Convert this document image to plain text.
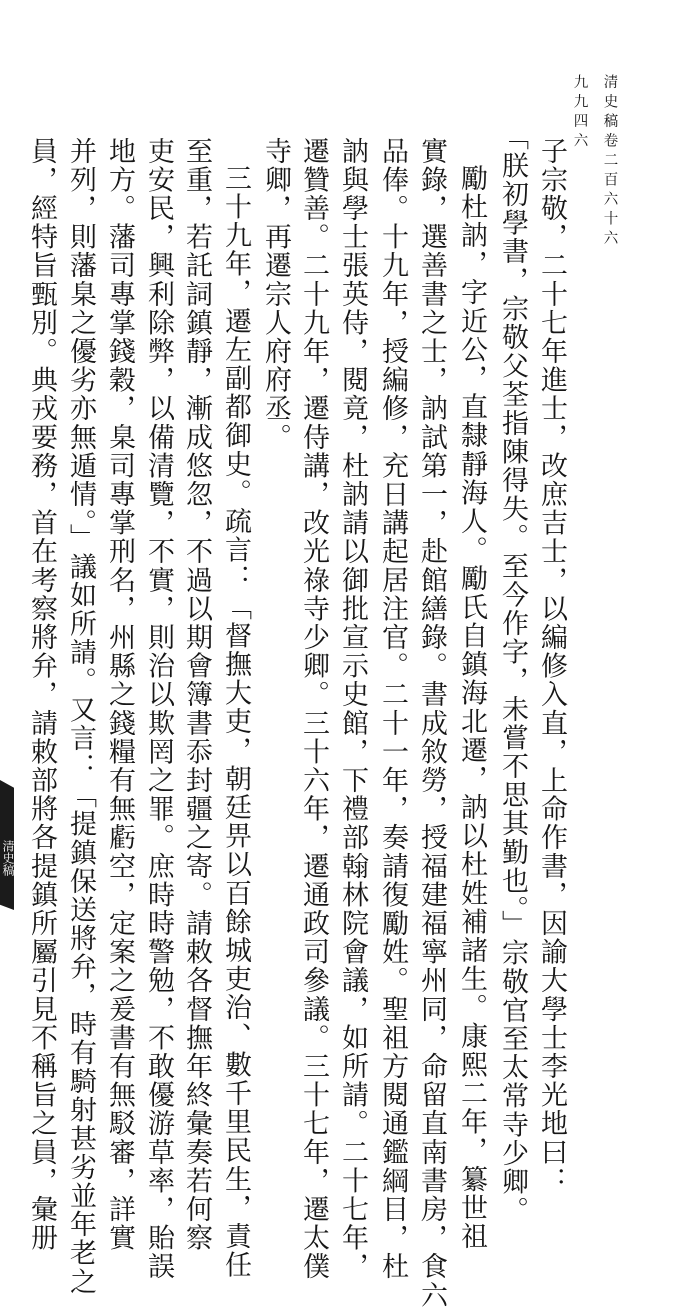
九九四六 清史稿卷二百六十六
子宗敬，二十七年進士，改庶吉士，以編修入直，上命作書，因諭大學士李光地曰：
「朕初學書，宗敬父荃指陳得失。至今作字，未嘗不思其勤也。」宗敬官至太常寺少卿。
勵杜訥，字近公，直隸靜海人。勵氏自鎮海北遷，訥以杜姓補諸生。康熙二年，纂世祖
實錄，選善書之士，訥試第一，赴館繕錄。書成敘勞，授福建福寧州同，命留直南書房，食六
品俸。十九年，授編修，充日講起居注官。二十一年，奏請復勵姓。聖祖方閱通鑑綱目，杜
訥與學士張英侍，閱竟，杜訥請以御批宣示史館，下禮部翰林院會議，如所請。二十七年，
遷贊善。二十九年，遷侍講，改光祿寺少卿。三十六年，遷通政司參議。三十七年，遷太僕
寺卿，再遷宗人府府丞。
三十九年，遷左副都御史。疏言：「督撫大吏，朝廷畀以百餘城吏治、數千里民生，責任
至重，若託詞鎮靜，漸成悠忽，不過以期會簿書忝封疆之寄。請敕各督撫年終彙奏若何察
吏安民，興利除弊，以備清覽，不實，則治以欺罔之罪。庶時時警勉，不敢優游草率，貽誤
地方。藩司專掌錢穀，臬司專掌刑名，州縣之錢糧有無虧空，定案之爰書有無駁審，詳實
并列，則藩臬之優劣亦無遁情。」議如所請。又言：「提鎮保送將弁，時有騎射甚劣並年老之
員，經特旨甄別。典戎要務，首在考察將弁，請敕部將各提鎮所屬引見不稱旨之員，彙册
清史稿
